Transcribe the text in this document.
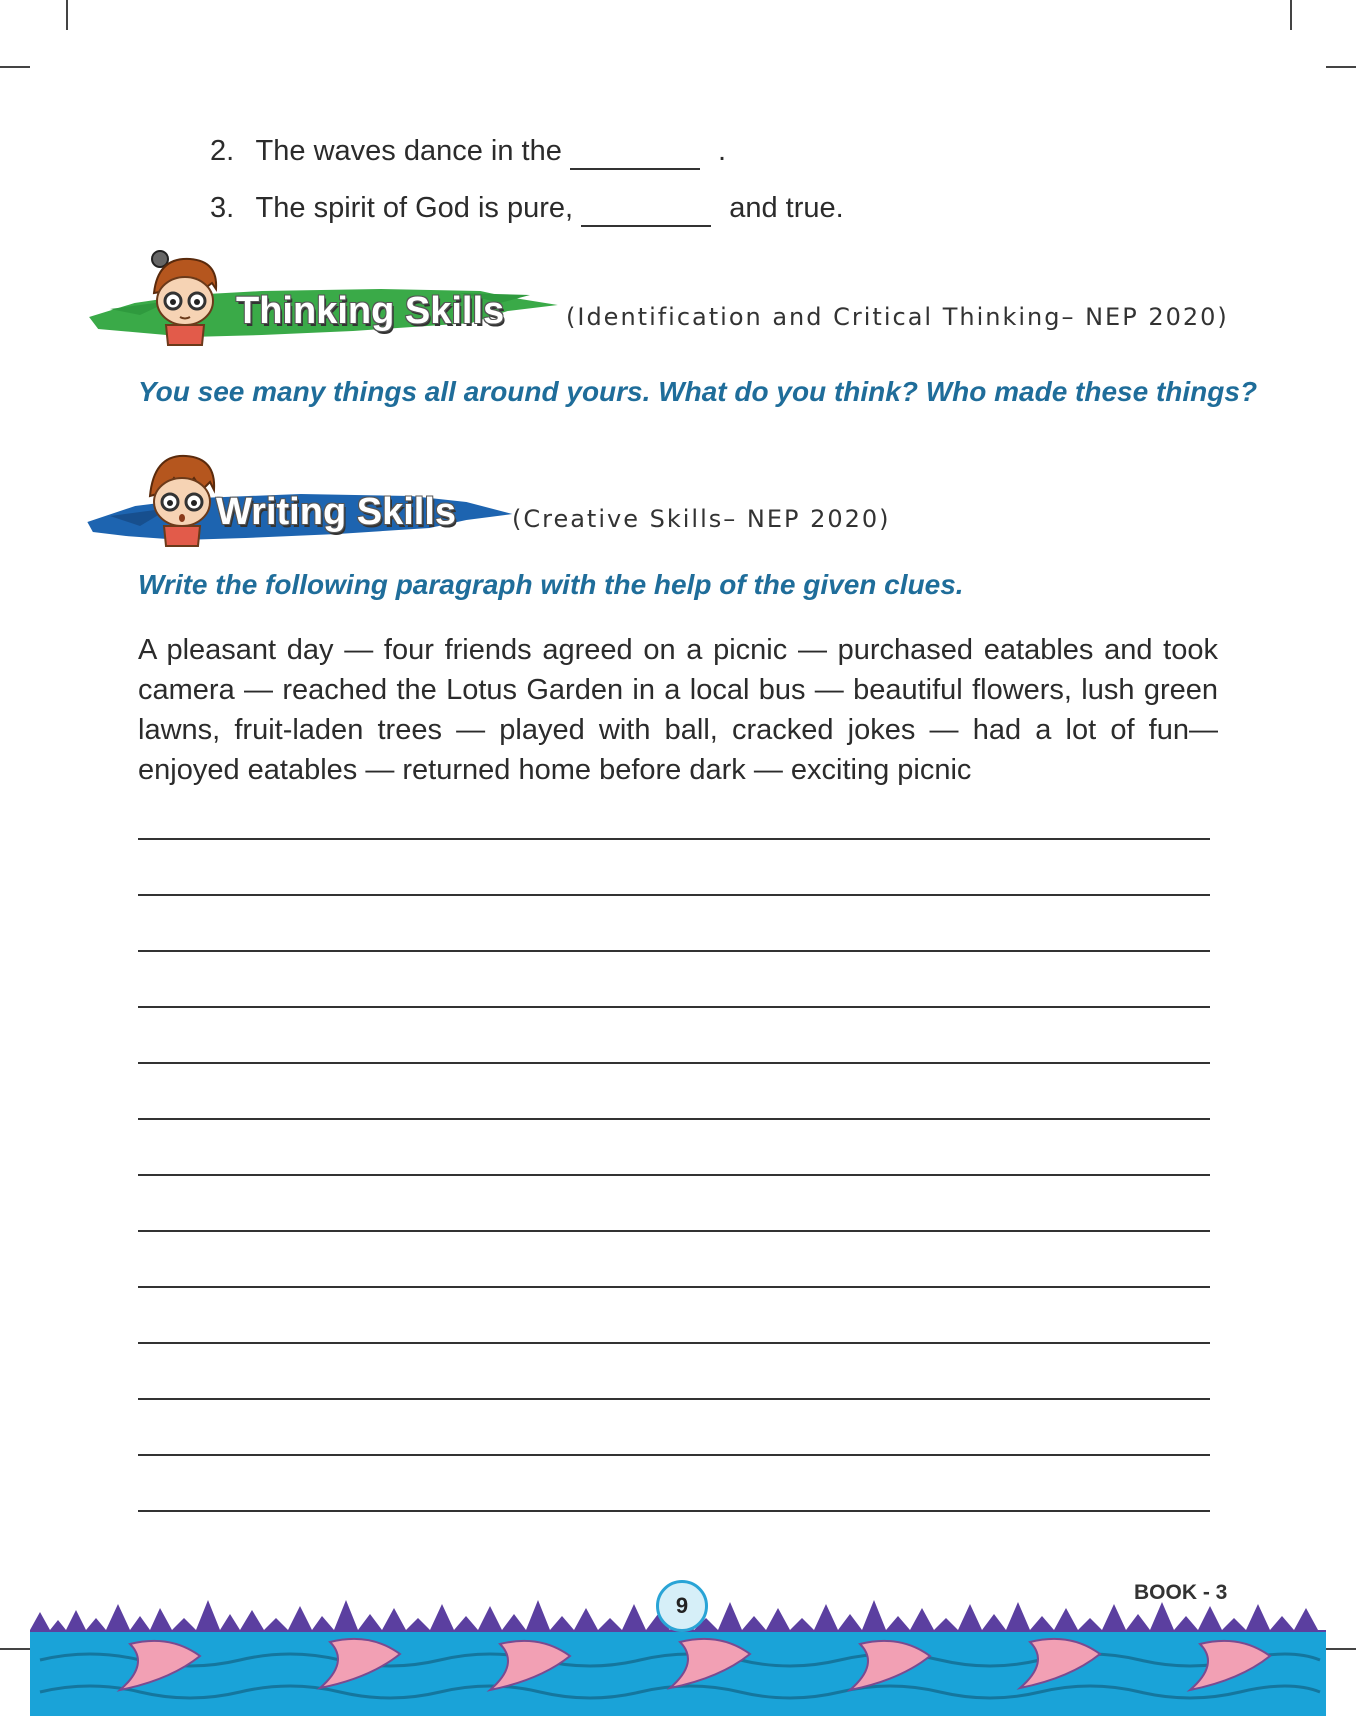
2. The waves dance in the	.
3. The spirit of God is pure,	and true.
Thinking Skills	(Identification and Critical Thinking– NEP 2020)
You see many things all around yours. What do you think? Who made these things?
Writing Skills (Creative Skills– NEP 2020)
Write the following paragraph with the help of the given clues.
A pleasant day — four friends agreed on a picnic — purchased eatables and took camera — reached the Lotus Garden in a local bus — beautiful flowers, lush green lawns, fruit-laden trees — played with ball, cracked jokes — had a lot of fun— enjoyed eatables — returned home before dark — exciting picnic
9
BOOK - 3
